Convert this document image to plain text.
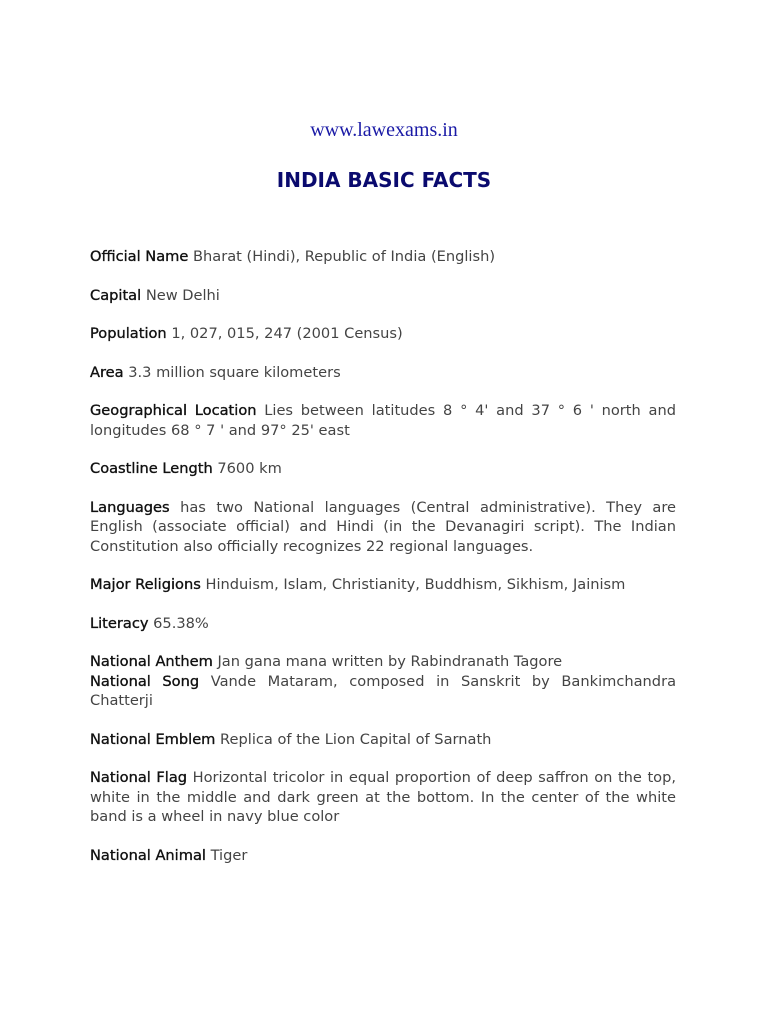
www.lawexams.in
INDIA BASIC FACTS
Official Name Bharat (Hindi), Republic of India (English)
Capital New Delhi
Population 1, 027, 015, 247 (2001 Census)
Area 3.3 million square kilometers
Geographical Location Lies between latitudes 8 ° 4' and 37 ° 6 ' north and longitudes 68 ° 7 ' and 97° 25' east
Coastline Length 7600 km
Languages has two National languages (Central administrative). They are English (associate official) and Hindi (in the Devanagiri script). The Indian Constitution also officially recognizes 22 regional languages.
Major Religions Hinduism, Islam, Christianity, Buddhism, Sikhism, Jainism
Literacy 65.38%
National Anthem Jan gana mana written by Rabindranath Tagore
National Song Vande Mataram, composed in Sanskrit by Bankimchandra Chatterji
National Emblem Replica of the Lion Capital of Sarnath
National Flag Horizontal tricolor in equal proportion of deep saffron on the top, white in the middle and dark green at the bottom. In the center of the white band is a wheel in navy blue color
National Animal Tiger
